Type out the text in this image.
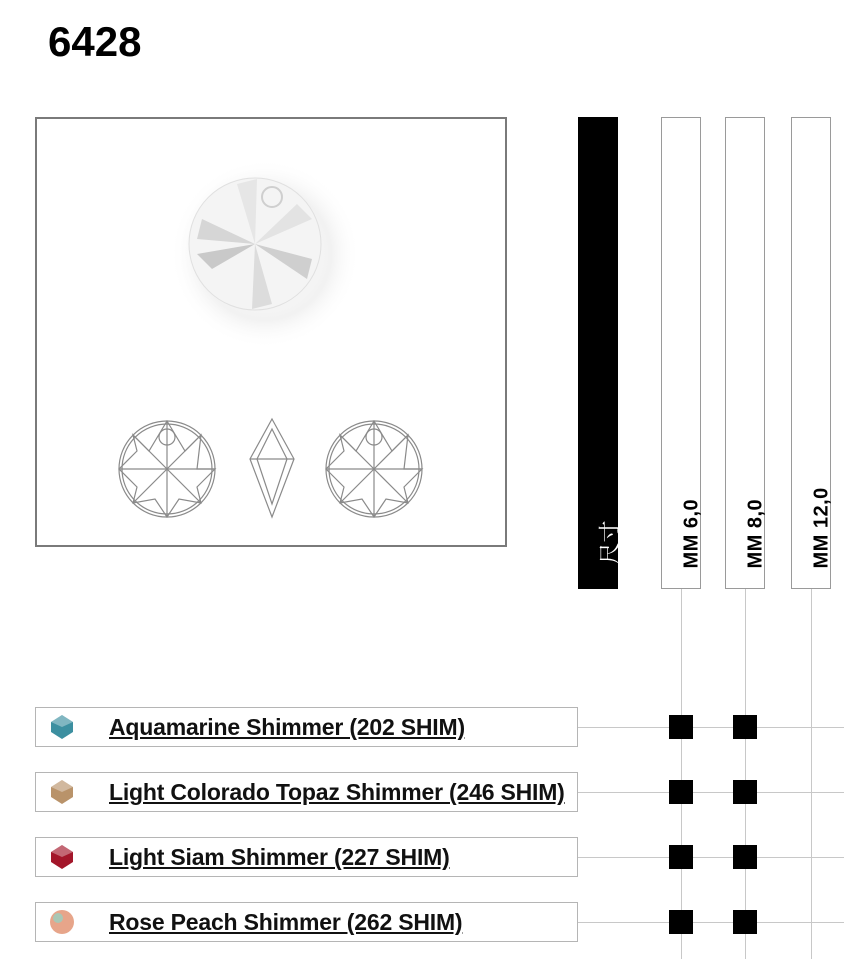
6428
尺寸	MM 6,0 MM 8,0 MM 12,0
Aquamarine Shimmer (202 SHIM)
Light Colorado Topaz Shimmer (246 SHIM)
Light Siam Shimmer (227 SHIM)
Rose Peach Shimmer (262 SHIM)
